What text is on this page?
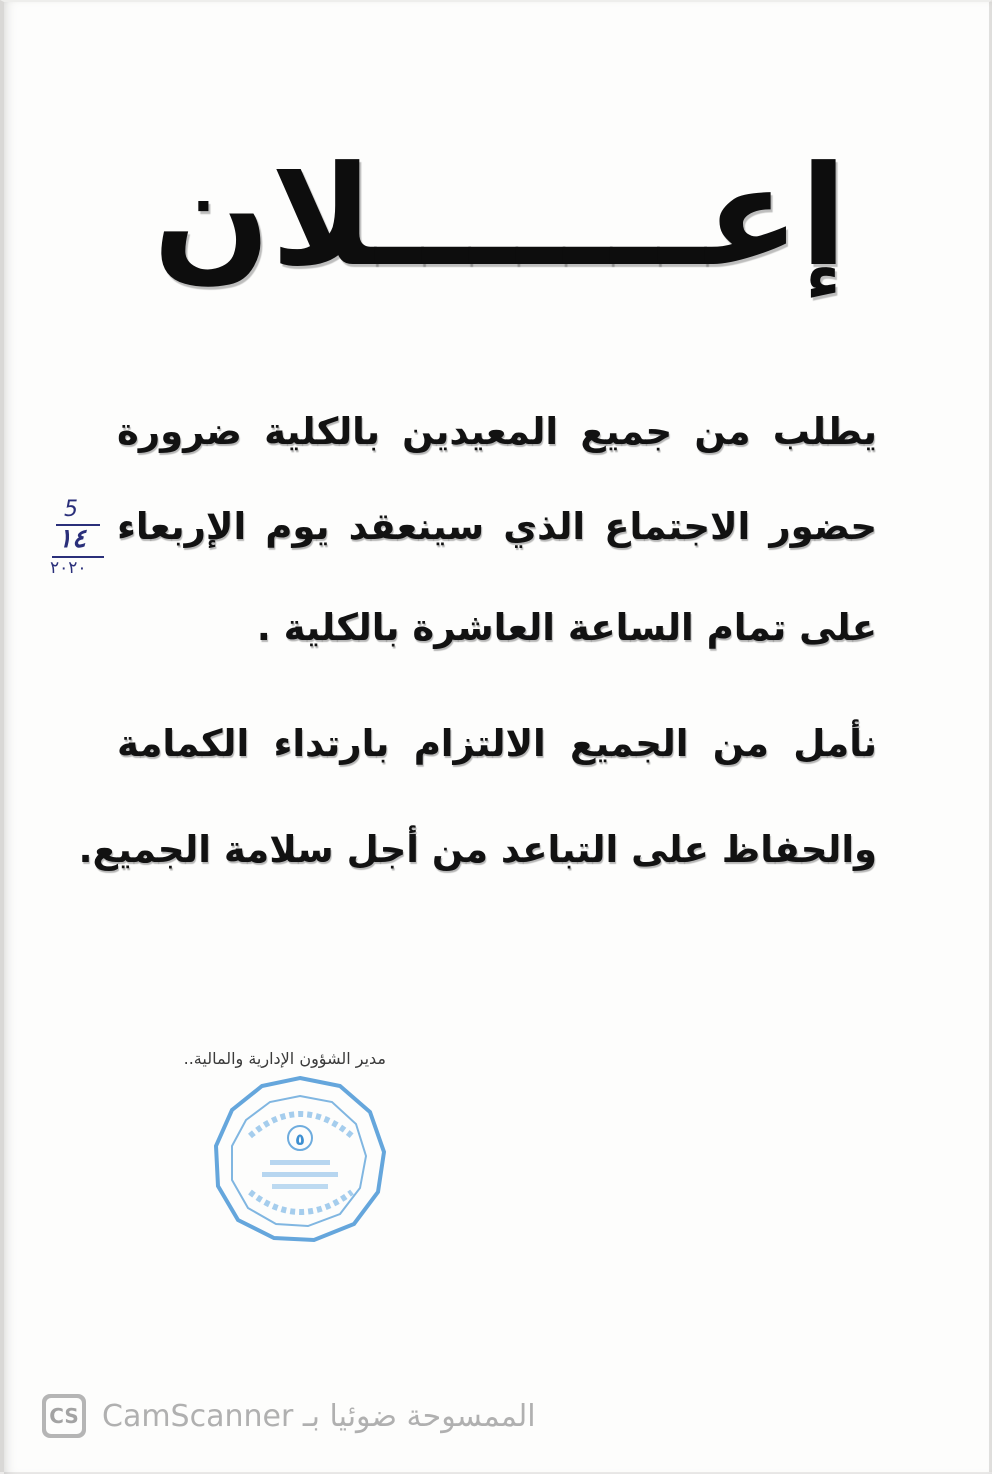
إعـــــــلان
يطلب من جميع المعيدين بالكلية ضرورة
حضور الاجتماع الذي سينعقد يوم الإربعاء
على تمام الساعة العاشرة بالكلية .
نأمل من الجميع الالتزام بارتداء الكمامة
والحفاظ على التباعد من أجل سلامة الجميع.
5
١٤
٢٠٢٠
مدير الشؤون الإدارية والمالية..
٥
CS الممسوحة ضوئيا بـ CamScanner
